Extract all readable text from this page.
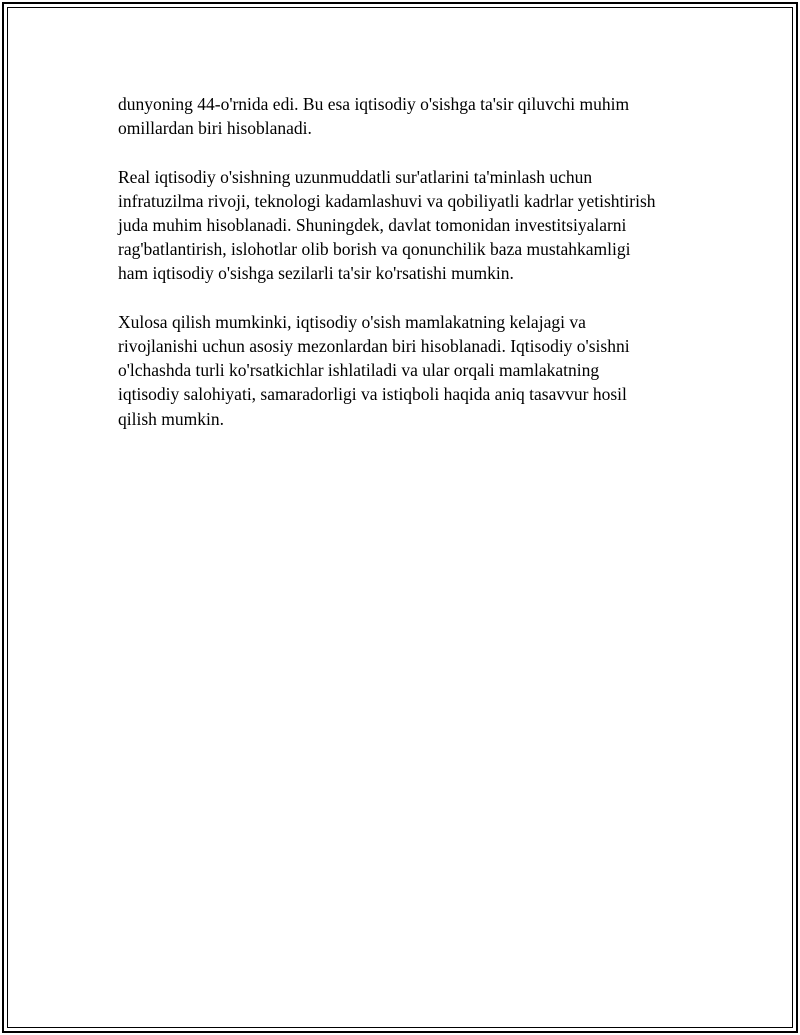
dunyoning 44-o'rnida edi. Bu esa iqtisodiy o'sishga ta'sir qiluvchi muhim
omillardan biri hisoblanadi.

Real iqtisodiy o'sishning uzunmuddatli sur'atlarini ta'minlash uchun
infratuzilma rivoji, teknologi kadamlashuvi va qobiliyatli kadrlar yetishtirish
juda muhim hisoblanadi. Shuningdek, davlat tomonidan investitsiyalarni
rag'batlantirish, islohotlar olib borish va qonunchilik baza mustahkamligi
ham iqtisodiy o'sishga sezilarli ta'sir ko'rsatishi mumkin.

Xulosa qilish mumkinki, iqtisodiy o'sish mamlakatning kelajagi va
rivojlanishi uchun asosiy mezonlardan biri hisoblanadi. Iqtisodiy o'sishni
o'lchashda turli ko'rsatkichlar ishlatiladi va ular orqali mamlakatning
iqtisodiy salohiyati, samaradorligi va istiqboli haqida aniq tasavvur hosil
qilish mumkin.
